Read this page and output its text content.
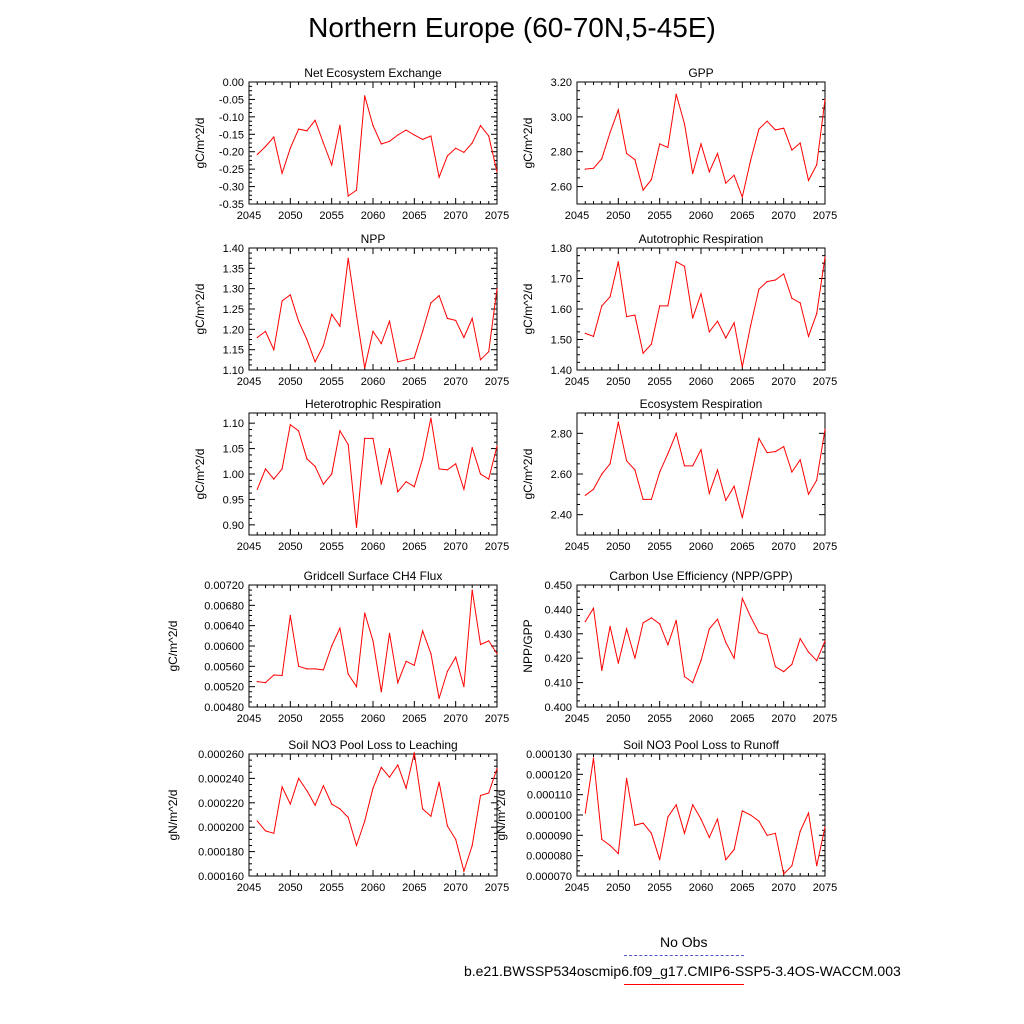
Northern Europe (60-70N,5-45E)
Net Ecosystem Exchange
2045 2050 2055 2060 2065 2070 2075
-0.35
-0.30
-0.25
-0.20
-0.15
-0.10
-0.05
0.00
gC/m^2/d
GPP
2045 2050 2055 2060 2065 2070 2075
2.60
2.80
3.00
3.20
gC/m^2/d
NPP
2045 2050 2055 2060 2065 2070 2075
1.10
1.15
1.20
1.25
1.30
1.35
1.40
gC/m^2/d
Autotrophic Respiration
2045 2050 2055 2060 2065 2070 2075
1.40
1.50
1.60
1.70
1.80
gC/m^2/d
Heterotrophic Respiration
2045 2050 2055 2060 2065 2070 2075
0.90
0.95
1.00
1.05
1.10
gC/m^2/d
Ecosystem Respiration
2045 2050 2055 2060 2065 2070 2075
2.40
2.60
2.80
gC/m^2/d
Gridcell Surface CH4 Flux
2045 2050 2055 2060 2065 2070 2075
0.00480
0.00520
0.00560
0.00600
0.00640
0.00680
0.00720
gC/m^2/d
Carbon Use Efficiency (NPP/GPP)
2045 2050 2055 2060 2065 2070 2075
0.400
0.410
0.420
0.430
0.440
0.450
NPP/GPP
Soil NO3 Pool Loss to Leaching
2045 2050 2055 2060 2065 2070 2075
0.000160
0.000180
0.000200
0.000220
0.000240
0.000260
gN/m^2/d
Soil NO3 Pool Loss to Runoff
2045 2050 2055 2060 2065 2070 2075
0.000070
0.000080
0.000090
0.000100
0.000110
0.000120
0.000130
gN/m^2/d
No Obs
b.e21.BWSSP534oscmip6.f09_g17.CMIP6-SSP5-3.4OS-WACCM.003
